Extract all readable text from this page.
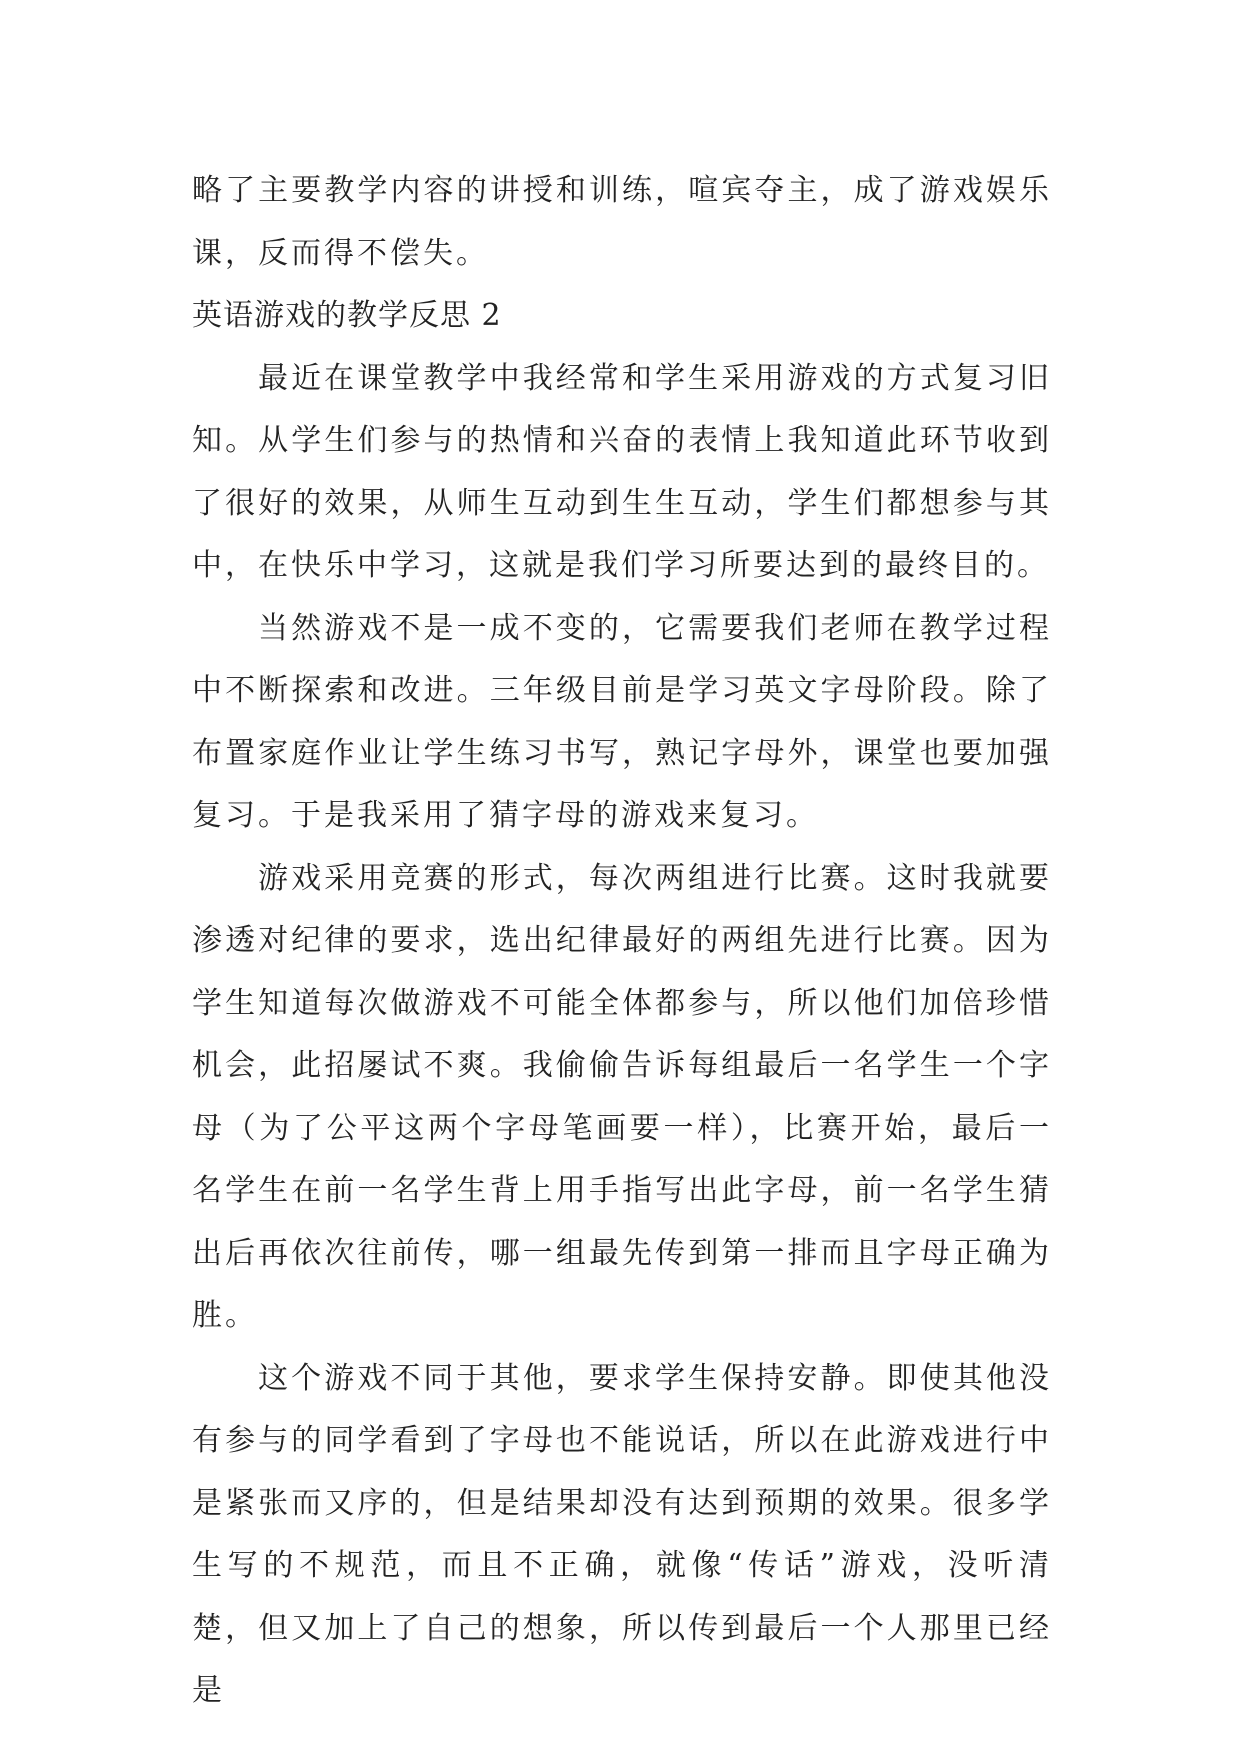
略了主要教学内容的讲授和训练，喧宾夺主，成了游戏娱乐课，反而得不偿失。

英语游戏的教学反思 2

最近在课堂教学中我经常和学生采用游戏的方式复习旧知。从学生们参与的热情和兴奋的表情上我知道此环节收到了很好的效果，从师生互动到生生互动，学生们都想参与其中，在快乐中学习，这就是我们学习所要达到的最终目的。

当然游戏不是一成不变的，它需要我们老师在教学过程中不断探索和改进。三年级目前是学习英文字母阶段。除了布置家庭作业让学生练习书写，熟记字母外，课堂也要加强复习。于是我采用了猜字母的游戏来复习。

游戏采用竞赛的形式，每次两组进行比赛。这时我就要渗透对纪律的要求，选出纪律最好的两组先进行比赛。因为学生知道每次做游戏不可能全体都参与，所以他们加倍珍惜机会，此招屡试不爽。我偷偷告诉每组最后一名学生一个字母（为了公平这两个字母笔画要一样），比赛开始，最后一名学生在前一名学生背上用手指写出此字母，前一名学生猜出后再依次往前传，哪一组最先传到第一排而且字母正确为胜。

这个游戏不同于其他，要求学生保持安静。即使其他没有参与的同学看到了字母也不能说话，所以在此游戏进行中是紧张而又序的，但是结果却没有达到预期的效果。很多学生写的不规范，而且不正确，就像“传话”游戏，没听清楚，但又加上了自己的想象，所以传到最后一个人那里已经是
